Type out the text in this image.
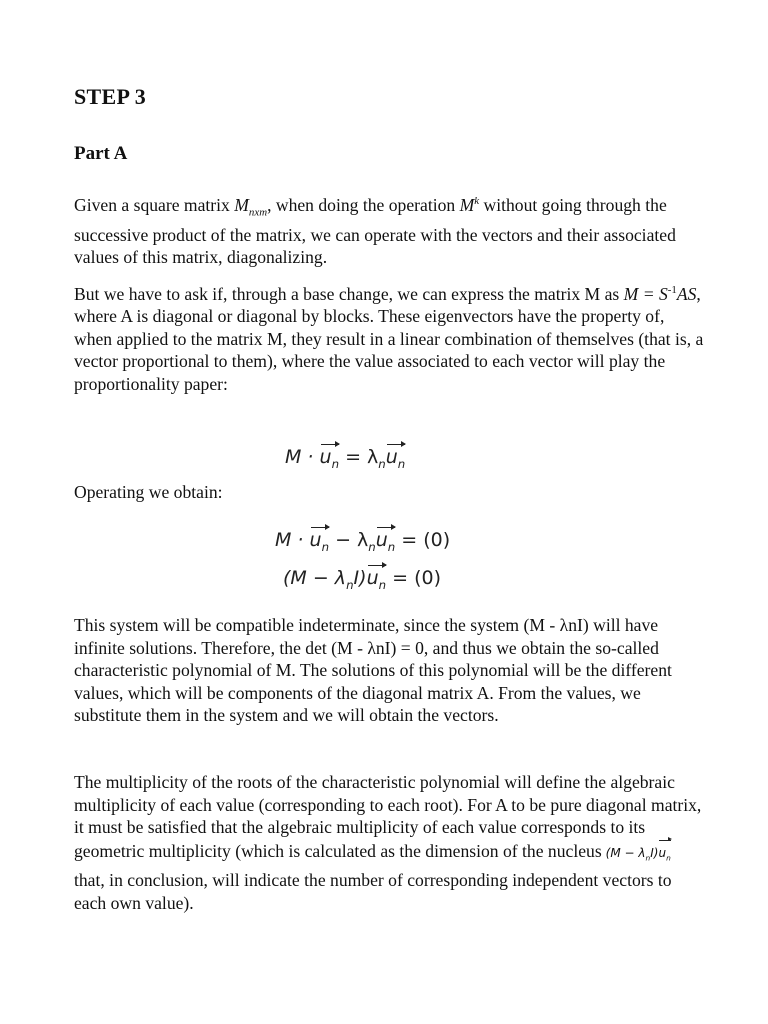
STEP 3
Part A

Given a square matrix $M_{nxm}$, when doing the operation $M^k$ without going through the successive product of the matrix, we can operate with the vectors and their associated values of this matrix, diagonalizing.

But we have to ask if, through a base change, we can express the matrix M as $M = S^{-1}AS$, where A is diagonal or diagonal by blocks. These eigenvectors have the property of, when applied to the matrix M, they result in a linear combination of themselves (that is, a vector proportional to them), where the value associated to each vector will play the proportionality paper:

$M \cdot u_n = \lambda_nu_n$

Operating we obtain:

$M \cdot u_n - \lambda_nu_n = (0)$
$(M - \lambda_nI)u_n = (0)$

This system will be compatible indeterminate, since the system (M - λnI) will have infinite solutions. Therefore, the det (M - λnI) = 0, and thus we obtain the so-called characteristic polynomial of M. The solutions of this polynomial will be the different values, which will be components of the diagonal matrix A. From the values, we substitute them in the system and we will obtain the vectors.

The multiplicity of the roots of the characteristic polynomial will define the algebraic multiplicity of each value (corresponding to each root). For A to be pure diagonal matrix, it must be satisfied that the algebraic multiplicity of each value corresponds to its geometric multiplicity (which is calculated as the dimension of the nucleus $(M - \lambda_nI)u_nthat$, in conclusion, will indicate the number of corresponding independent vectors to each own value).
